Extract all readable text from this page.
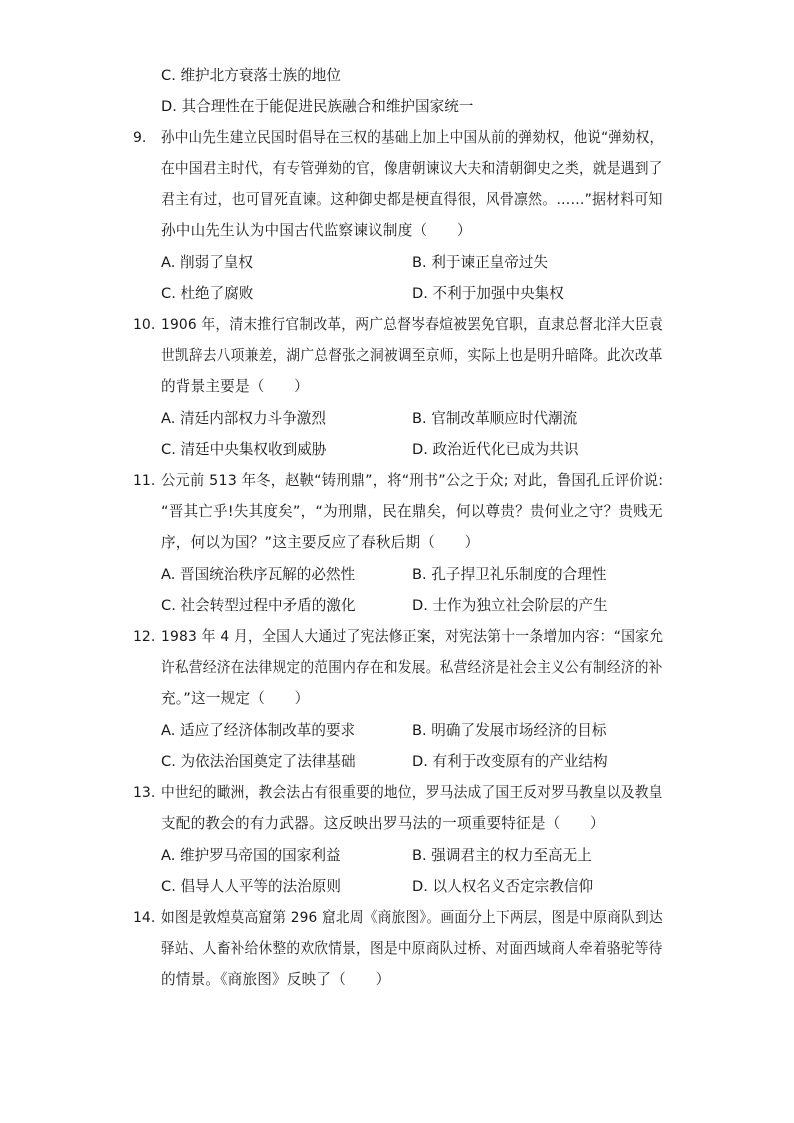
C. 维护北方衰落士族的地位
D. 其合理性在于能促进民族融合和维护国家统一
9. 孙中山先生建立民国时倡导在三权的基础上加上中国从前的弹劾权，他说“弹劾权，
在中国君主时代，有专管弹劾的官，像唐朝谏议大夫和清朝御史之类，就是遇到了
君主有过，也可冒死直谏。这种御史都是梗直得很，风骨凛然。……”据材料可知
孙中山先生认为中国古代监察谏议制度（　　）
A. 削弱了皇权	B. 利于谏正皇帝过失
C. 杜绝了腐败	D. 不利于加强中央集权
10. 1906 年，清末推行官制改革，两广总督岑春煊被罢免官职，直隶总督北洋大臣袁
世凯辞去八项兼差，湖广总督张之洞被调至京师，实际上也是明升暗降。此次改革
的背景主要是（　　）
A. 清廷内部权力斗争激烈	B. 官制改革顺应时代潮流
C. 清廷中央集权收到威胁	D. 政治近代化已成为共识
11. 公元前 513 年冬，赵鞅“铸刑鼎”，将“刑书”公之于众; 对此，鲁国孔丘评价说:
“晋其亡乎!失其度矣”，“为刑鼎，民在鼎矣，何以尊贵？贵何业之守？贵贱无
序，何以为国？”这主要反应了春秋后期（　　）
A. 晋国统治秩序瓦解的必然性	B. 孔子捍卫礼乐制度的合理性
C. 社会转型过程中矛盾的激化	D. 士作为独立社会阶层的产生
12. 1983 年 4 月，全国人大通过了宪法修正案，对宪法第十一条增加内容：“国家允
许私营经济在法律规定的范围内存在和发展。私营经济是社会主义公有制经济的补
充。”这一规定（　　）
A. 适应了经济体制改革的要求	B. 明确了发展市场经济的目标
C. 为依法治国奠定了法律基础	D. 有利于改变原有的产业结构
13. 中世纪的瞰洲，教会法占有很重要的地位，罗马法成了国王反对罗马教皇以及教皇
支配的教会的有力武器。这反映出罗马法的一项重要特征是（　　）
A. 维护罗马帝国的国家利益	B. 强调君主的权力至高无上
C. 倡导人人平等的法治原则	D. 以人权名义否定宗教信仰
14. 如图是敦煌莫高窟第 296 窟北周《商旅图》。画面分上下两层，图是中原商队到达
驿站、人畜补给休整的欢欣情景，图是中原商队过桥、对面西域商人牵着骆驼等待
的情景。《商旅图》反映了（　　）
